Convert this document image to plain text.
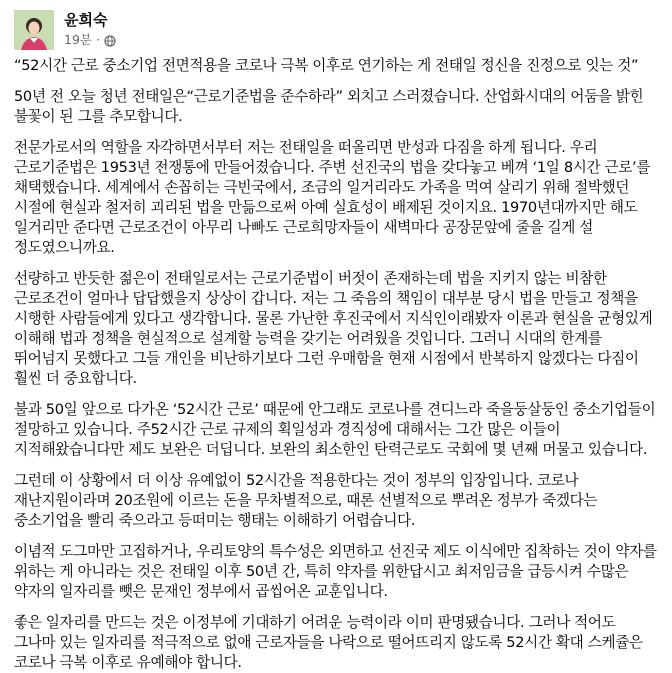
윤희숙
19분 ·

“52시간 근로 중소기업 전면적용을 코로나 극복 이후로 연기하는 게 전태일 정신을 진정으로 잇는 것”

50년 전 오늘 청년 전태일은“근로기준법을 준수하라” 외치고 스러졌습니다. 산업화시대의 어둠을 밝힌 불꽃이 된 그를 추모합니다.

전문가로서의 역할을 자각하면서부터 저는 전태일을 떠올리면 반성과 다짐을 하게 됩니다. 우리 근로기준법은 1953년 전쟁통에 만들어졌습니다. 주변 선진국의 법을 갖다놓고 베껴 ‘1일 8시간 근로’를 채택했습니다. 세계에서 손꼽히는 극빈국에서, 조금의 일거리라도 가족을 먹여 살리기 위해 절박했던 시절에 현실과 철저히 괴리된 법을 만듦으로써 아예 실효성이 배제된 것이지요. 1970년대까지만 해도 일거리만 준다면 근로조건이 아무리 나빠도 근로희망자들이 새벽마다 공장문앞에 줄을 길게 설 정도였으니까요.

선량하고 반듯한 젊은이 전태일로서는 근로기준법이 버젓이 존재하는데 법을 지키지 않는 비참한 근로조건이 얼마나 답답했을지 상상이 갑니다. 저는 그 죽음의 책임이 대부분 당시 법을 만들고 정책을 시행한 사람들에게 있다고 생각합니다. 물론 가난한 후진국에서 지식인이래봤자 이론과 현실을 균형있게 이해해 법과 정책을 현실적으로 설계할 능력을 갖기는 어려웠을 것입니다. 그러니 시대의 한계를 뛰어넘지 못했다고 그들 개인을 비난하기보다 그런 우매함을 현재 시점에서 반복하지 않겠다는 다짐이 훨씬 더 중요합니다.

불과 50일 앞으로 다가온 ‘52시간 근로’ 때문에 안그래도 코로나를 견디느라 죽을둥살둥인 중소기업들이 절망하고 있습니다. 주52시간 근로 규제의 획일성과 경직성에 대해서는 그간 많은 이들이 지적해왔습니다만 제도 보완은 더딥니다. 보완의 최소한인 탄력근로도 국회에 몇 년째 머물고 있습니다.

그런데 이 상황에서 더 이상 유예없이 52시간을 적용한다는 것이 정부의 입장입니다. 코로나 재난지원이라며 20조원에 이르는 돈을 무차별적으로, 때론 선별적으로 뿌려온 정부가 죽겠다는 중소기업을 빨리 죽으라고 등떠미는 행태는 이해하기 어렵습니다.

이념적 도그마만 고집하거나, 우리토양의 특수성은 외면하고 선진국 제도 이식에만 집착하는 것이 약자를 위하는 게 아니라는 것은 전태일 이후 50년 간, 특히 약자를 위한답시고 최저임금을 급등시켜 수많은 약자의 일자리를 뺏은 문재인 정부에서 곱씹어온 교훈입니다.

좋은 일자리를 만드는 것은 이정부에 기대하기 어려운 능력이라 이미 판명됐습니다. 그러나 적어도 그나마 있는 일자리를 적극적으로 없애 근로자들을 나락으로 떨어뜨리지 않도록 52시간 확대 스케쥴은 코로나 극복 이후로 유예해야 합니다.
